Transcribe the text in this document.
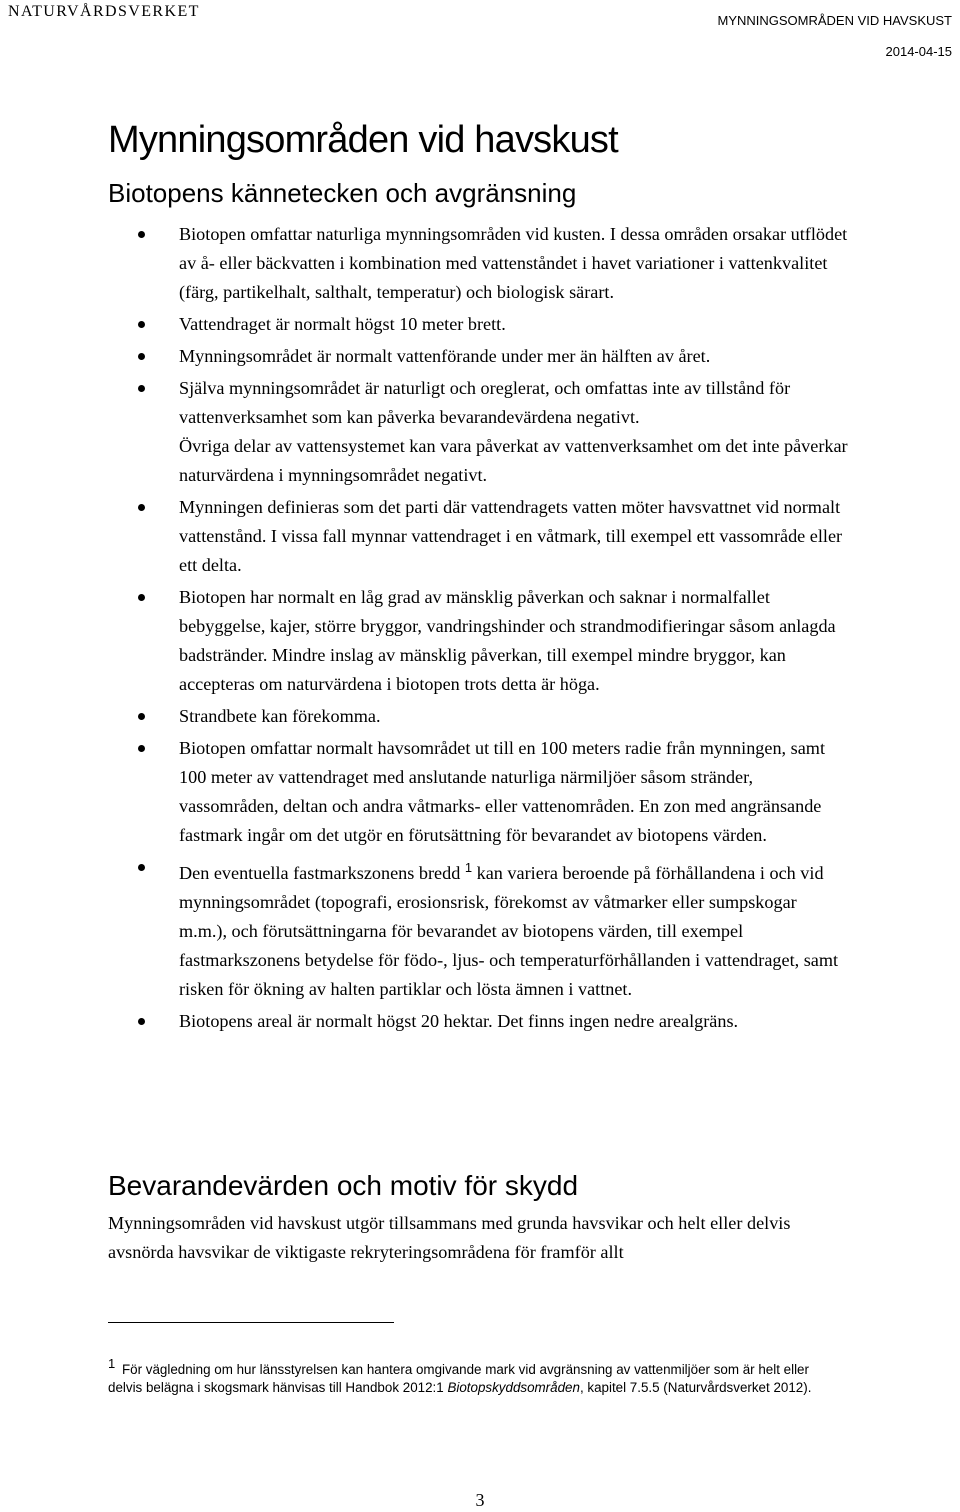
NATURVÅRDSVERKET
MYNNINGSOMRÅDEN VID HAVSKUST
2014-04-15
Mynningsområden vid havskust
Biotopens kännetecken och avgränsning

Biotopen omfattar naturliga mynningsområden vid kusten. I dessa områden orsakar utflödet av å- eller bäckvatten i kombination med vattenståndet i havet variationer i vattenkvalitet (färg, partikelhalt, salthalt, temperatur) och biologisk särart.

Vattendraget är normalt högst 10 meter brett.

Mynningsområdet är normalt vattenförande under mer än hälften av året.

Själva mynningsområdet är naturligt och oreglerat, och omfattas inte av tillstånd för vattenverksamhet som kan påverka bevarandevärdena negativt.

Övriga delar av vattensystemet kan vara påverkat av vattenverksamhet om det inte påverkar naturvärdena i mynningsområdet negativt.

Mynningen definieras som det parti där vattendragets vatten möter havsvattnet vid normalt vattenstånd. I vissa fall mynnar vattendraget i en våtmark, till exempel ett vassområde eller ett delta.

Biotopen har normalt en låg grad av mänsklig påverkan och saknar i normalfallet bebyggelse, kajer, större bryggor, vandringshinder och strandmodifieringar såsom anlagda badstränder. Mindre inslag av mänsklig påverkan, till exempel mindre bryggor, kan accepteras om naturvärdena i biotopen trots detta är höga.

Strandbete kan förekomma.

Biotopen omfattar normalt havsområdet ut till en 100 meters radie från mynningen, samt 100 meter av vattendraget med anslutande naturliga närmiljöer såsom stränder, vassområden, deltan och andra våtmarks- eller vattenområden. En zon med angränsande fastmark ingår om det utgör en förutsättning för bevarandet av biotopens värden.

Den eventuella fastmarkszonens bredd $^1$ kan variera beroende på förhållandena i och vid mynningsområdet (topografi, erosionsrisk, förekomst av våtmarker eller sumpskogar m.m.), och förutsättningarna för bevarandet av biotopens värden, till exempel fastmarkszonens betydelse för födo-, ljus- och temperaturförhållanden i vattendraget, samt risken för ökning av halten partiklar och lösta ämnen i vattnet.

Biotopens areal är normalt högst 20 hektar. Det finns ingen nedre arealgräns.

Bevarandevärden och motiv för skydd

Mynningsområden vid havskust utgör tillsammans med grunda havsvikar och helt eller delvis avsnörda havsvikar de viktigaste rekryteringsområdena för framför allt

1 För vägledning om hur länsstyrelsen kan hantera omgivande mark vid avgränsning av vattenmiljöer som är helt eller delvis belägna i skogsmark hänvisas till Handbok 2012:1 Biotopskyddsområden, kapitel 7.5.5 (Naturvårdsverket 2012).
3
